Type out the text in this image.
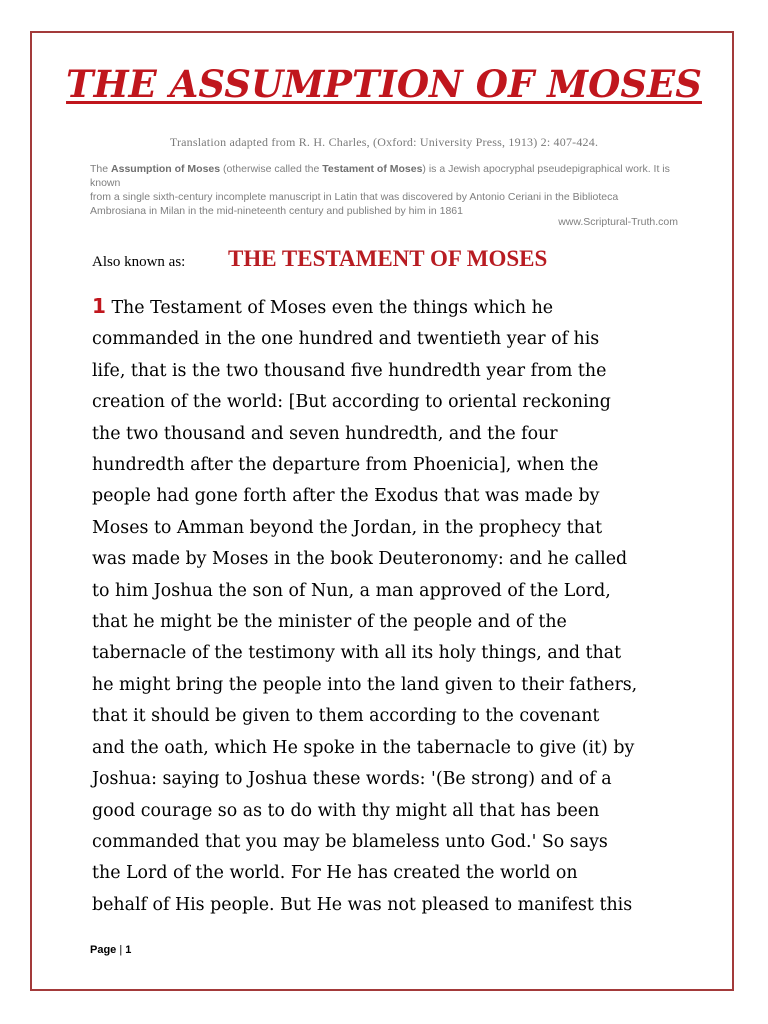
THE ASSUMPTION OF MOSES
Translation adapted from R. H. Charles, (Oxford: University Press, 1913) 2: 407-424.
The Assumption of Moses (otherwise called the Testament of Moses) is a Jewish apocryphal pseudepigraphical work. It is known
from a single sixth-century incomplete manuscript in Latin that was discovered by Antonio Ceriani in the Biblioteca
Ambrosiana in Milan in the mid-nineteenth century and published by him in 1861
www.Scriptural-Truth.com
Also known as: THE TESTAMENT OF MOSES
1 The Testament of Moses even the things which he
commanded in the one hundred and twentieth year of his
life, that is the two thousand five hundredth year from the
creation of the world: [But according to oriental reckoning
the two thousand and seven hundredth, and the four
hundredth after the departure from Phoenicia], when the
people had gone forth after the Exodus that was made by
Moses to Amman beyond the Jordan, in the prophecy that
was made by Moses in the book Deuteronomy: and he called
to him Joshua the son of Nun, a man approved of the Lord,
that he might be the minister of the people and of the
tabernacle of the testimony with all its holy things, and that
he might bring the people into the land given to their fathers,
that it should be given to them according to the covenant
and the oath, which He spoke in the tabernacle to give (it) by
Joshua: saying to Joshua these words: '(Be strong) and of a
good courage so as to do with thy might all that has been
commanded that you may be blameless unto God.' So says
the Lord of the world. For He has created the world on
behalf of His people. But He was not pleased to manifest this
Page | 1
